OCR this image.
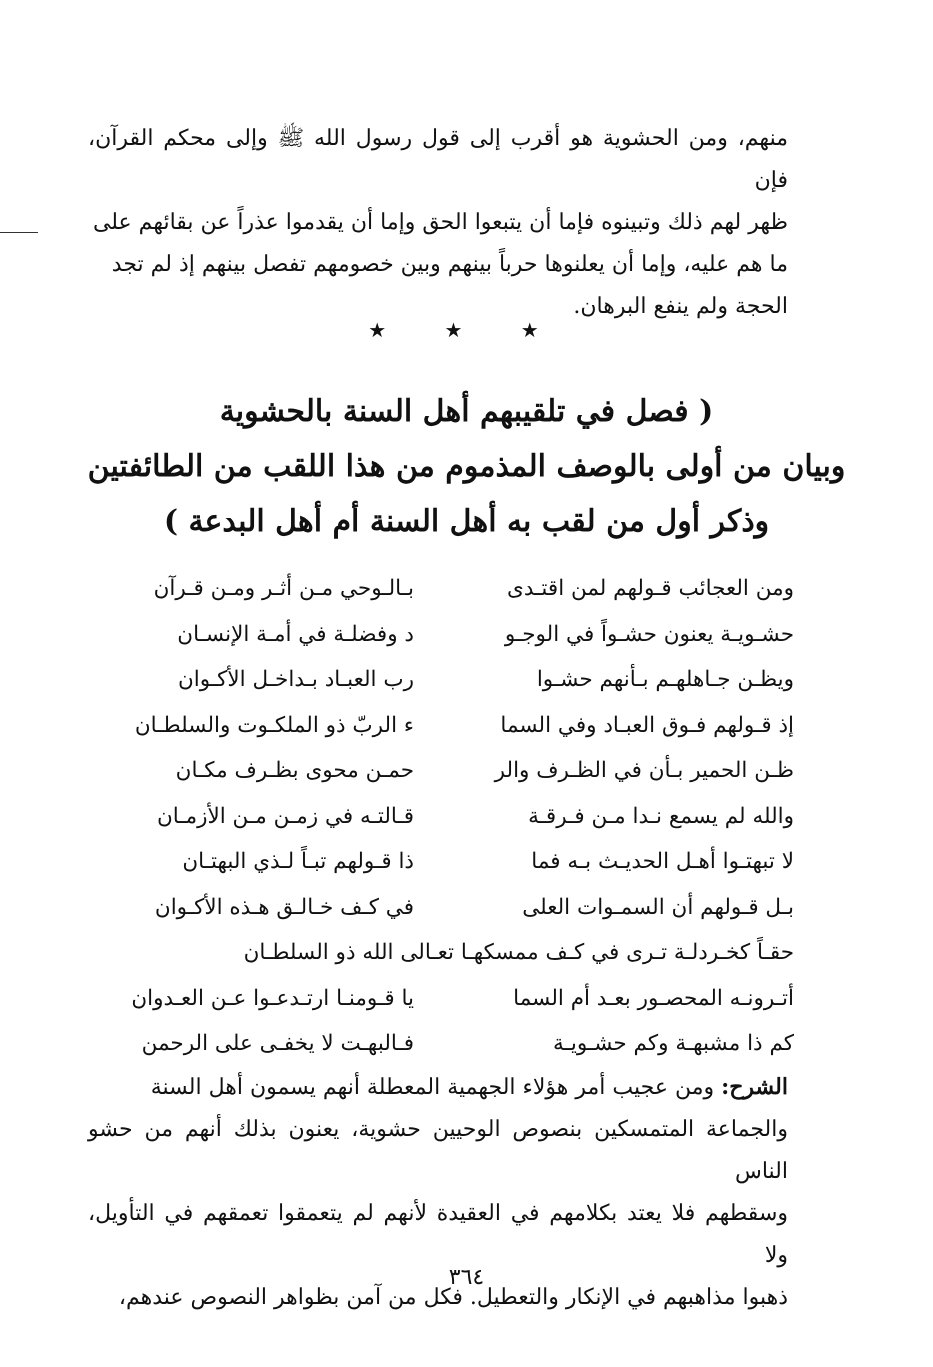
منهم، ومن الحشوية هو أقرب إلى قول رسول الله ﷺ وإلى محكم القرآن، فإن

ظهر لهم ذلك وتبينوه فإما أن يتبعوا الحق وإما أن يقدموا عذراً عن بقائهم على

ما هم عليه، وإما أن يعلنوها حرباً بينهم وبين خصومهم تفصل بينهم إذ لم تجد

الحجة ولم ينفع البرهان.

★ ★ ★
( فصل في تلقيبهم أهل السنة بالحشوية
وبيان من أولى بالوصف المذموم من هذا اللقب من الطائفتين
وذكر أول من لقب به أهل السنة أم أهل البدعة )
ومن العجائب قـولهم لمن اقتـدى
بـالـوحي مـن أثـر ومـن قـرآن
حشـويـة يعنون حشـواً في الوجـو
د وفضلـة في أمـة الإنسـان
ويظـن جـاهلهـم بـأنهم حشـوا
رب العبـاد بـداخـل الأكـوان
إذ قـولهم فـوق العبـاد وفي السما
ء الربّ ذو الملكـوت والسلطـان
ظـن الحمير بـأن في الظـرف والر
حمـن محوى بظـرف مكـان
والله لم يسمع نـدا مـن فـرقـة
قـالتـه في زمـن مـن الأزمـان
لا تبهتـوا أهـل الحديـث بـه فما
ذا قـولهم تبـاً لـذي البهتـان
بـل قـولهم أن السمـوات العلى
في كـف خـالـق هـذه الأكـوان
حقـاً كخـردلـة تـرى في كـف ممسكهـا تعـالى الله ذو السلطـان
أتـرونـه المحصـور بعـد أم السما
يا قـومنـا ارتـدعـوا عـن العـدوان
كم ذا مشبهـة وكم حشـويـة
فـالبهـت لا يخفـى على الرحمن

الشرح: ومن عجيب أمر هؤلاء الجهمية المعطلة أنهم يسمون أهل السنة

والجماعة المتمسكين بنصوص الوحيين حشوية، يعنون بذلك أنهم من حشو الناس

وسقطهم فلا يعتد بكلامهم في العقيدة لأنهم لم يتعمقوا تعمقهم في التأويل، ولا

ذهبوا مذاهبهم في الإنكار والتعطيل. فكل من آمن بظواهر النصوص عندهم،

٣٦٤
